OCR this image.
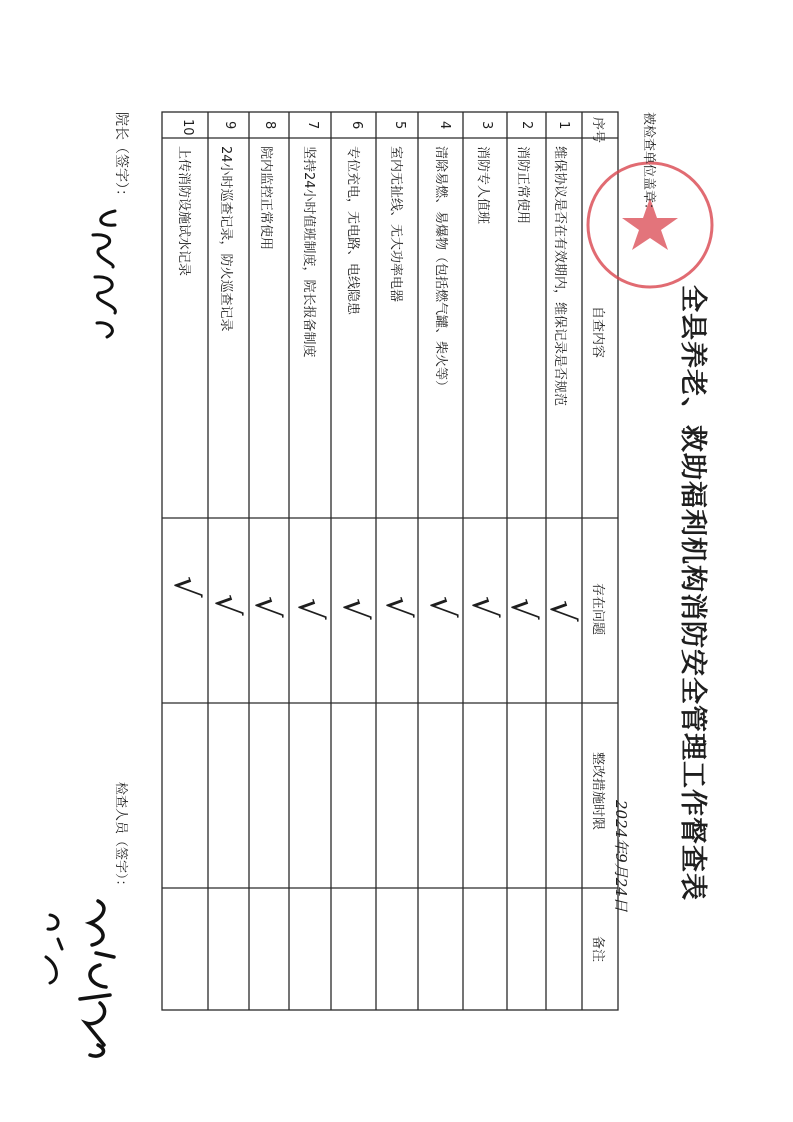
全县养老、救助福利机构消防安全管理工作督查表
被检查单位盖章：
2024年9月24日
序号
自查内容
存在问题
整改措施时限
备注
1
维保协议是否在有效期内，维保记录是否规范
√
2
消防正常使用
√
3
消防专人值班
√
4
清除易燃、易爆物（包括燃气罐、柴火等）
√
5
室内无扯线、无大功率电器
√
6
专位充电，无电路、电线隐患
√
7
坚持24小时值班制度，院长报备制度
√
8
院内监控正常使用
√
9
24小时巡查记录，防火巡查记录
√
10
上传消防设施试水记录
√
院长（签字）：
检查人员（签字）：
